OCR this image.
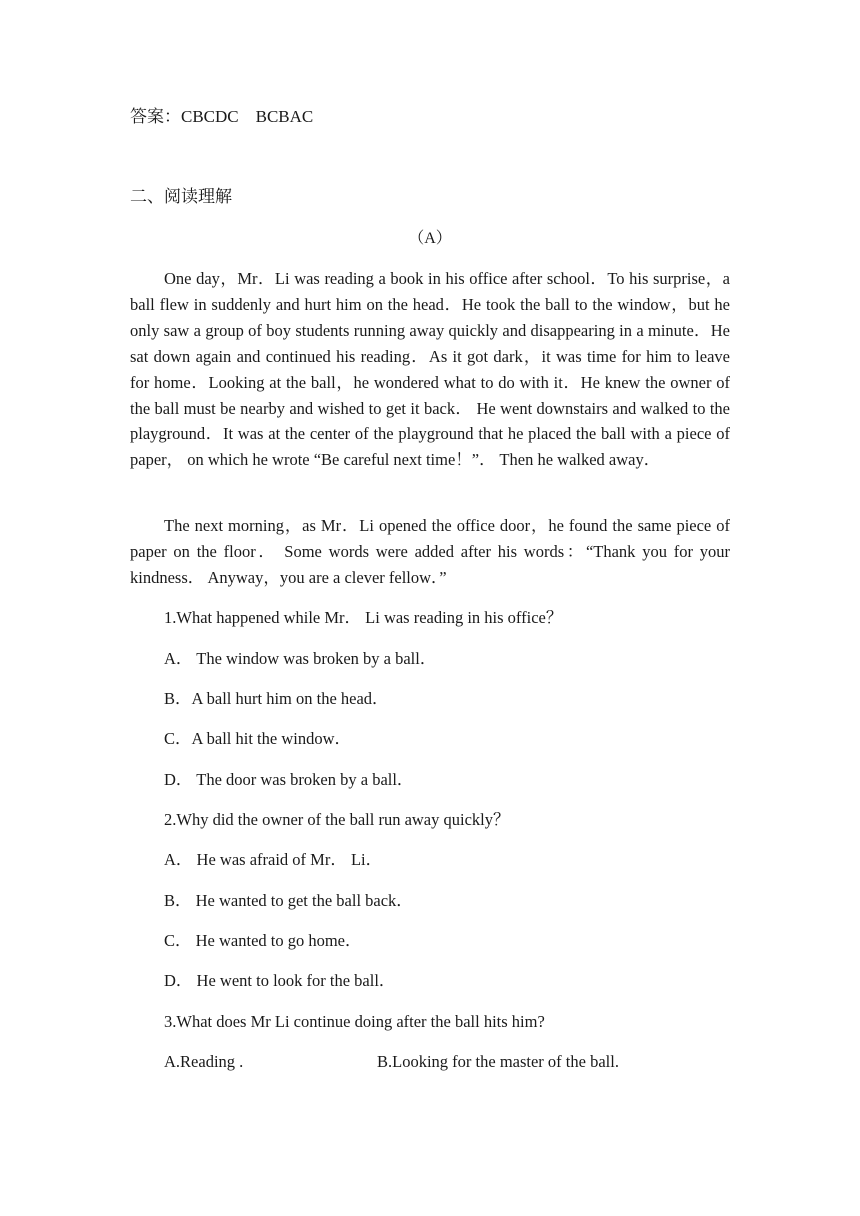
答案：CBCDC　BCBAC
二、阅读理解
（A）

One day，Mr．Li was reading a book in his office after school．To his surprise，a ball flew in suddenly and hurt him on the head．He took the ball to the window，but he only saw a group of boy students running away quickly and disappearing in a minute．He sat down again and continued his reading．As it got dark，it was time for him to leave for home．Looking at the ball，he wondered what to do with it．He knew the owner of the ball must be nearby and wished to get it back． He went downstairs and walked to the playground．It was at the center of the playground that he placed the ball with a piece of paper， on which he wrote “Be careful next time！”． Then he walked away．

The next morning，as Mr．Li opened the office door，he found the same piece of paper on the floor． Some words were added after his words：“Thank you for your kindness． Anyway，you are a clever fellow．”

1.What happened while Mr． Li was reading in his office？
A． The window was broken by a ball．
B．A ball hurt him on the head．
C．A ball hit the window．
D． The door was broken by a ball．
2.Why did the owner of the ball run away quickly？
A． He was afraid of Mr． Li．
B． He wanted to get the ball back．
C． He wanted to go home．
D． He went to look for the ball．
3.What does Mr Li continue doing after the ball hits him?
A.Reading .	B.Looking for the master of the ball.
